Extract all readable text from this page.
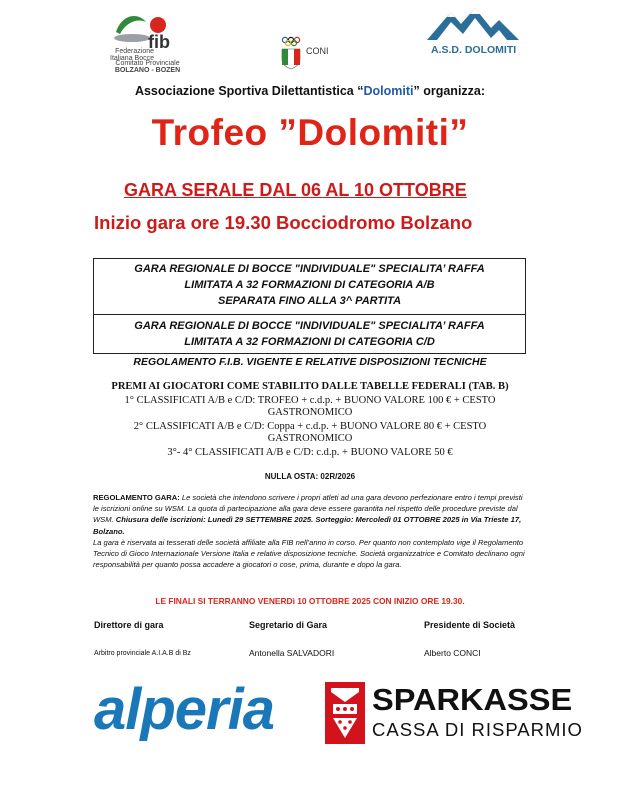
fib
Federazione Italiana Bocce
Comitato Provinciale
BOLZANO - BOZEN
CONI	A.S.D. DOLOMITI
Associazione Sportiva Dilettantistica “Dolomiti” organizza:
Trofeo ”Dolomiti”
GARA SERALE DAL 06 AL 10 OTTOBRE
Inizio gara ore 19.30 Bocciodromo Bolzano
GARA REGIONALE DI BOCCE "INDIVIDUALE" SPECIALITA’ RAFFA
LIMITATA A 32 FORMAZIONI DI CATEGORIA A/B
SEPARATA FINO ALLA 3^ PARTITA
GARA REGIONALE DI BOCCE "INDIVIDUALE" SPECIALITA’ RAFFA
LIMITATA A 32 FORMAZIONI DI CATEGORIA C/D
REGOLAMENTO F.I.B. VIGENTE E RELATIVE DISPOSIZIONI TECNICHE
PREMI AI GIOCATORI COME STABILITO DALLE TABELLE FEDERALI (TAB. B)
1° CLASSIFICATI A/B e C/D: TROFEO + c.d.p. + BUONO VALORE 100 € + CESTO
GASTRONOMICO
2° CLASSIFICATI A/B e C/D: Coppa + c.d.p. + BUONO VALORE 80 € + CESTO
GASTRONOMICO
3°- 4° CLASSIFICATI A/B e C/D: c.d.p. + BUONO VALORE 50 €
NULLA OSTA: 02R/2026
REGOLAMENTO GARA: Le società che intendono scrivere i propri atleti ad una gara devono perfezionare entro i tempi previsti le iscrizioni online su WSM. La quota di partecipazione alla gara deve essere garantita nel rispetto delle procedure previste dal WSM. Chiusura delle iscrizioni: Lunedì 29 SETTEMBRE 2025. Sorteggio: Mercoledì 01 OTTOBRE 2025 in Via Trieste 17, Bolzano.
La gara è riservata ai tesserati delle società affiliate alla FIB nell’anno in corso. Per quanto non contemplato vige il Regolamento Tecnico di Gioco Internazionale Versione Italia e relative disposizione tecniche. Società organizzatrice e Comitato declinano ogni responsabilità per quanto possa accadere a giocatori o cose, prima, durante e dopo la gara.
LE FINALI SI TERRANNO VENERDì 10 OTTOBRE 2025 CON INIZIO ORE 19.30.
Direttore di gara	Segretario di Gara	Presidente di Società
Arbitro provinciale A.I.A.B di Bz	Antonella SALVADORI	Alberto CONCI
alperia	SPARKASSE
CASSA DI RISPARMIO
